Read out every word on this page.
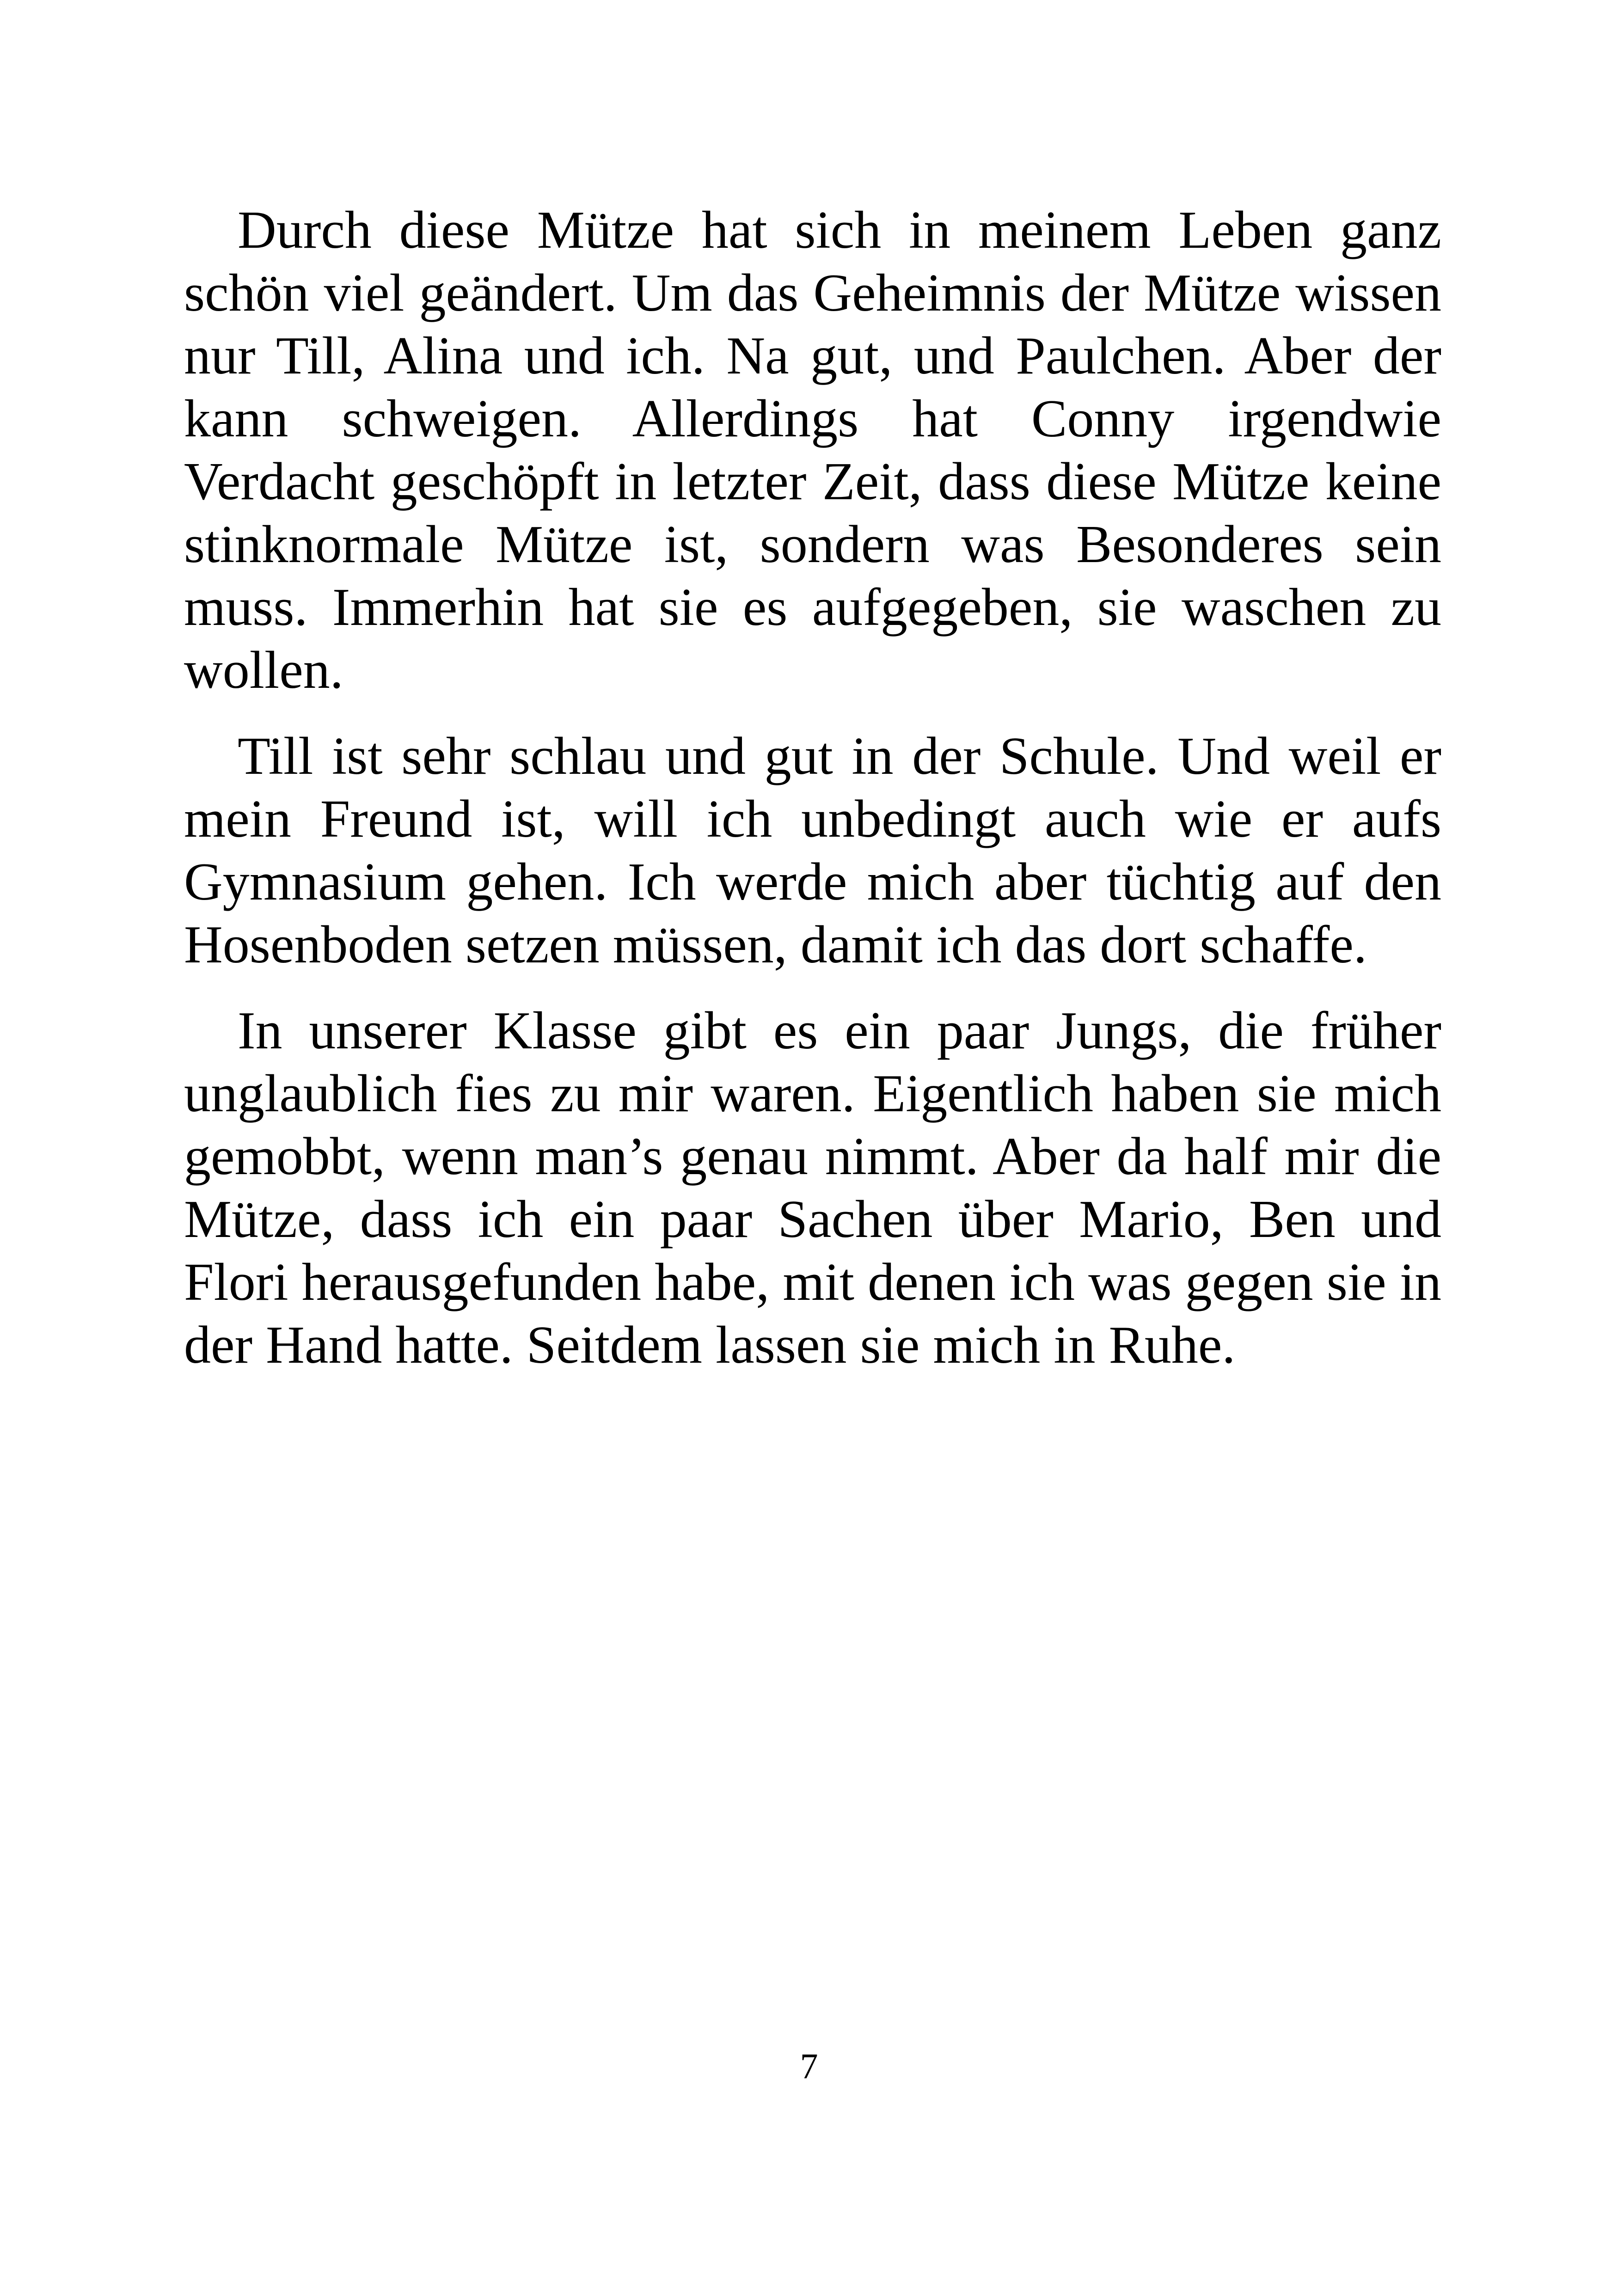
Durch diese Mütze hat sich in meinem Leben ganz schön viel geändert. Um das Geheimnis der Mütze wissen nur Till, Alina und ich. Na gut, und Paulchen. Aber der kann schweigen. Allerdings hat Conny irgendwie Verdacht geschöpft in letzter Zeit, dass diese Mütze keine stinknormale Mütze ist, sondern was Besonderes sein muss. Immerhin hat sie es aufgegeben, sie waschen zu wollen.

Till ist sehr schlau und gut in der Schule. Und weil er mein Freund ist, will ich unbedingt auch wie er aufs Gymnasium gehen. Ich werde mich aber tüchtig auf den Hosenboden setzen müssen, damit ich das dort schaffe.

In unserer Klasse gibt es ein paar Jungs, die früher unglaublich fies zu mir waren. Eigentlich haben sie mich gemobbt, wenn man’s genau nimmt. Aber da half mir die Mütze, dass ich ein paar Sachen über Mario, Ben und Flori herausgefunden habe, mit denen ich was gegen sie in der Hand hatte. Seitdem lassen sie mich in Ruhe.

7
